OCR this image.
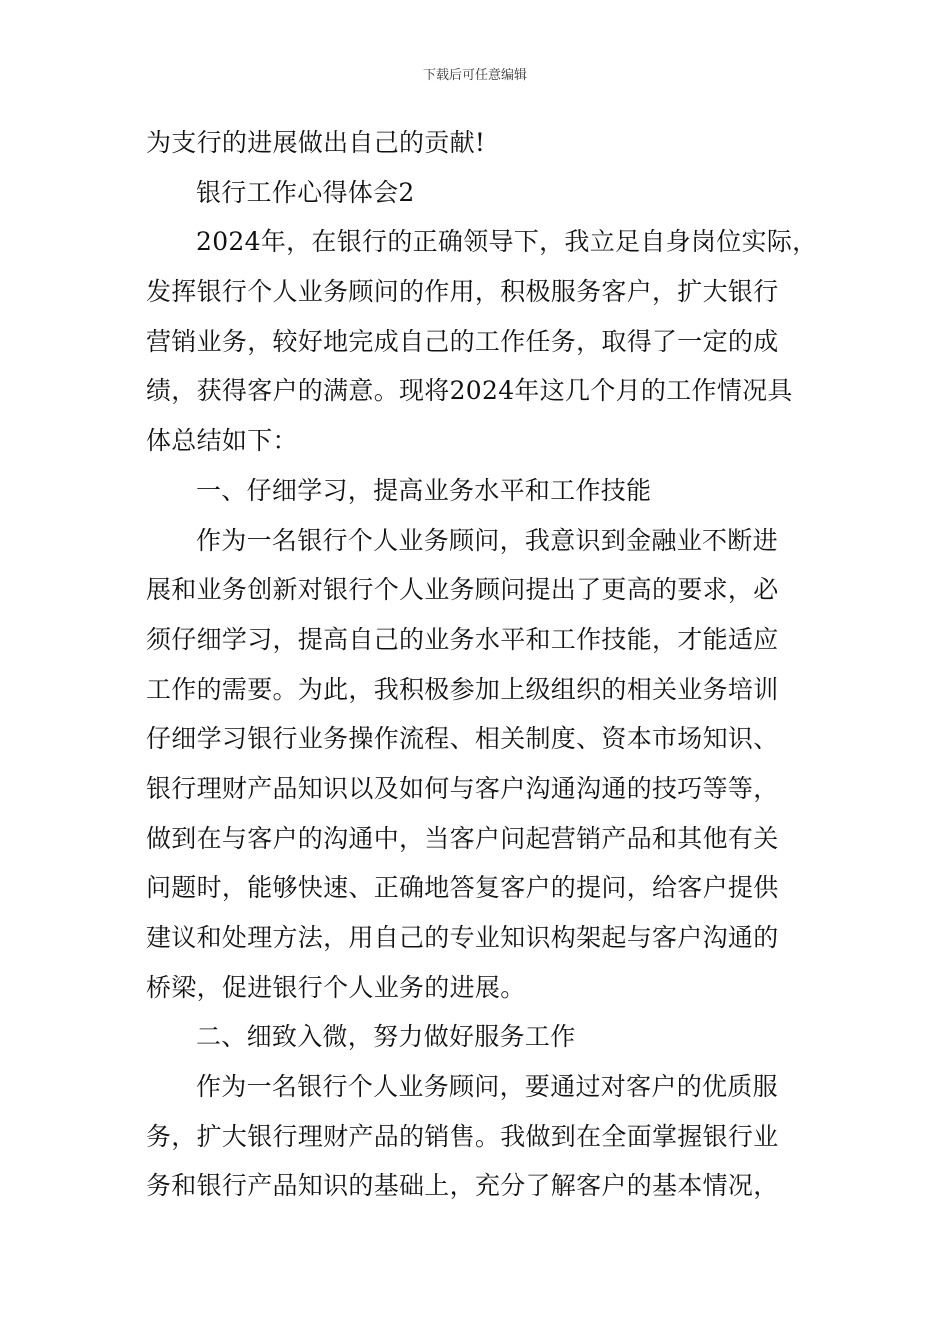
下载后可任意编辑
为支行的进展做出自己的贡献!
银行工作心得体会2
2024年，在银行的正确领导下，我立足自身岗位实际，
发挥银行个人业务顾问的作用，积极服务客户，扩大银行
营销业务，较好地完成自己的工作任务，取得了一定的成
绩，获得客户的满意。现将2024年这几个月的工作情况具
体总结如下：
一、仔细学习，提高业务水平和工作技能
作为一名银行个人业务顾问，我意识到金融业不断进
展和业务创新对银行个人业务顾问提出了更高的要求，必
须仔细学习，提高自己的业务水平和工作技能，才能适应
工作的需要。为此，我积极参加上级组织的相关业务培训
仔细学习银行业务操作流程、相关制度、资本市场知识、
银行理财产品知识以及如何与客户沟通沟通的技巧等等，
做到在与客户的沟通中，当客户问起营销产品和其他有关
问题时，能够快速、正确地答复客户的提问，给客户提供
建议和处理方法，用自己的专业知识构架起与客户沟通的
桥梁，促进银行个人业务的进展。
二、细致入微，努力做好服务工作
作为一名银行个人业务顾问，要通过对客户的优质服
务，扩大银行理财产品的销售。我做到在全面掌握银行业
务和银行产品知识的基础上，充分了解客户的基本情况，
